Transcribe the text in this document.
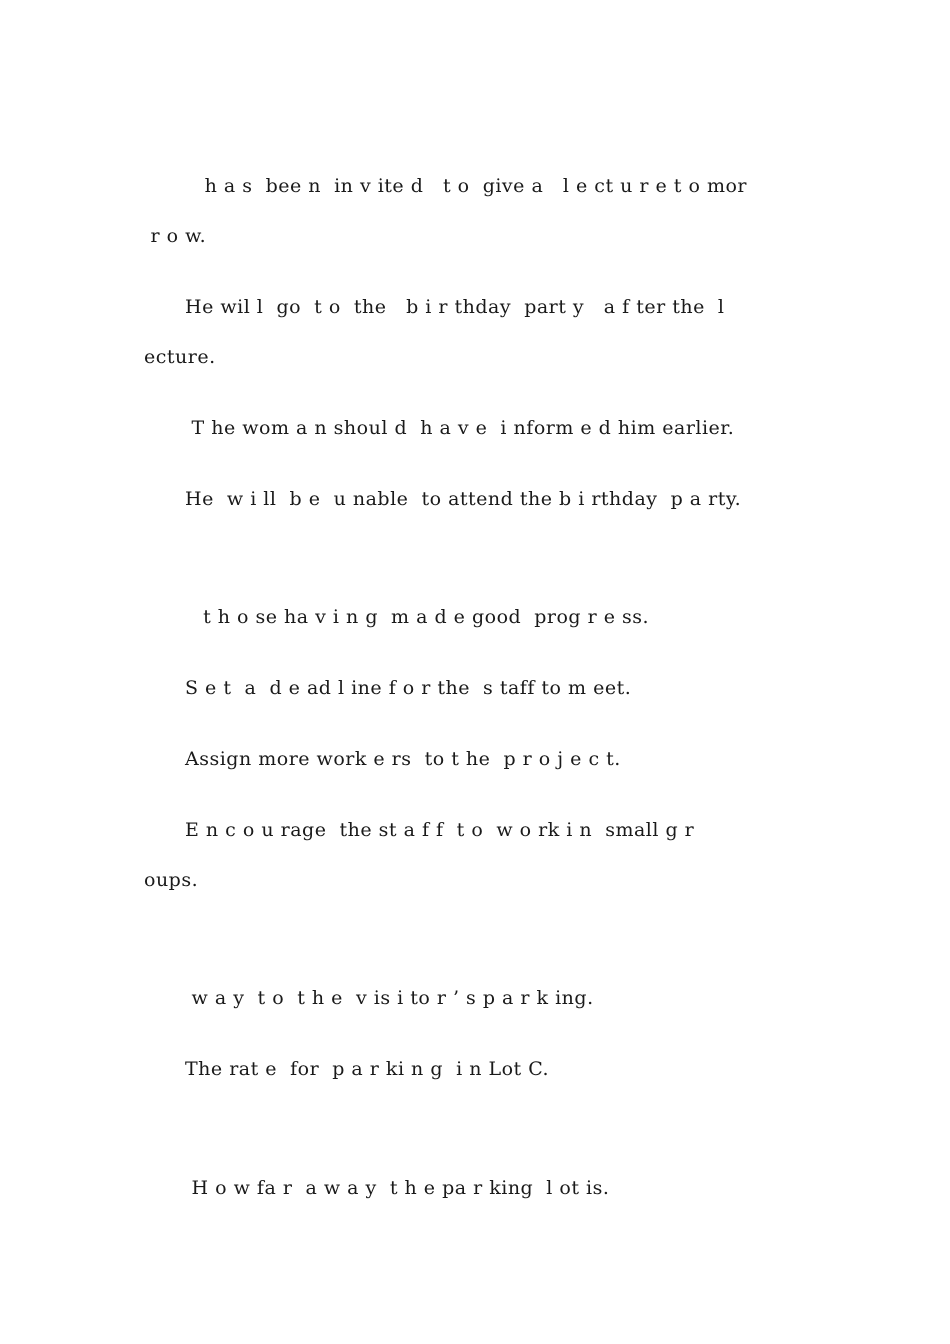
h a s  bee n  in v ite d   t o  give a   l e ct u r e t o mor
r o w.
He wil l  go  t o  the   b i r thday  part y   a f ter the  l
ecture.
T he wom a n shoul d  h a v e  i nform e d him earlier.
He  w i ll  b e  u nable  to attend the b i rthday  p a rty.
t h o se ha v i n g  m a d e good  prog r e ss.
S e t  a  d e ad l ine f o r the  s taff to m eet.
Assign more work e rs  to t he  p r o j e c t.
E n c o u rage  the st a f f  t o  w o rk i n  small g r
oups.
w a y  t o  t h e  v is i to r ’ s p a r k ing.
The rat e  for  p a r ki n g  i n Lot C.
H o w fa r  a w a y  t h e pa r king  l ot is.
